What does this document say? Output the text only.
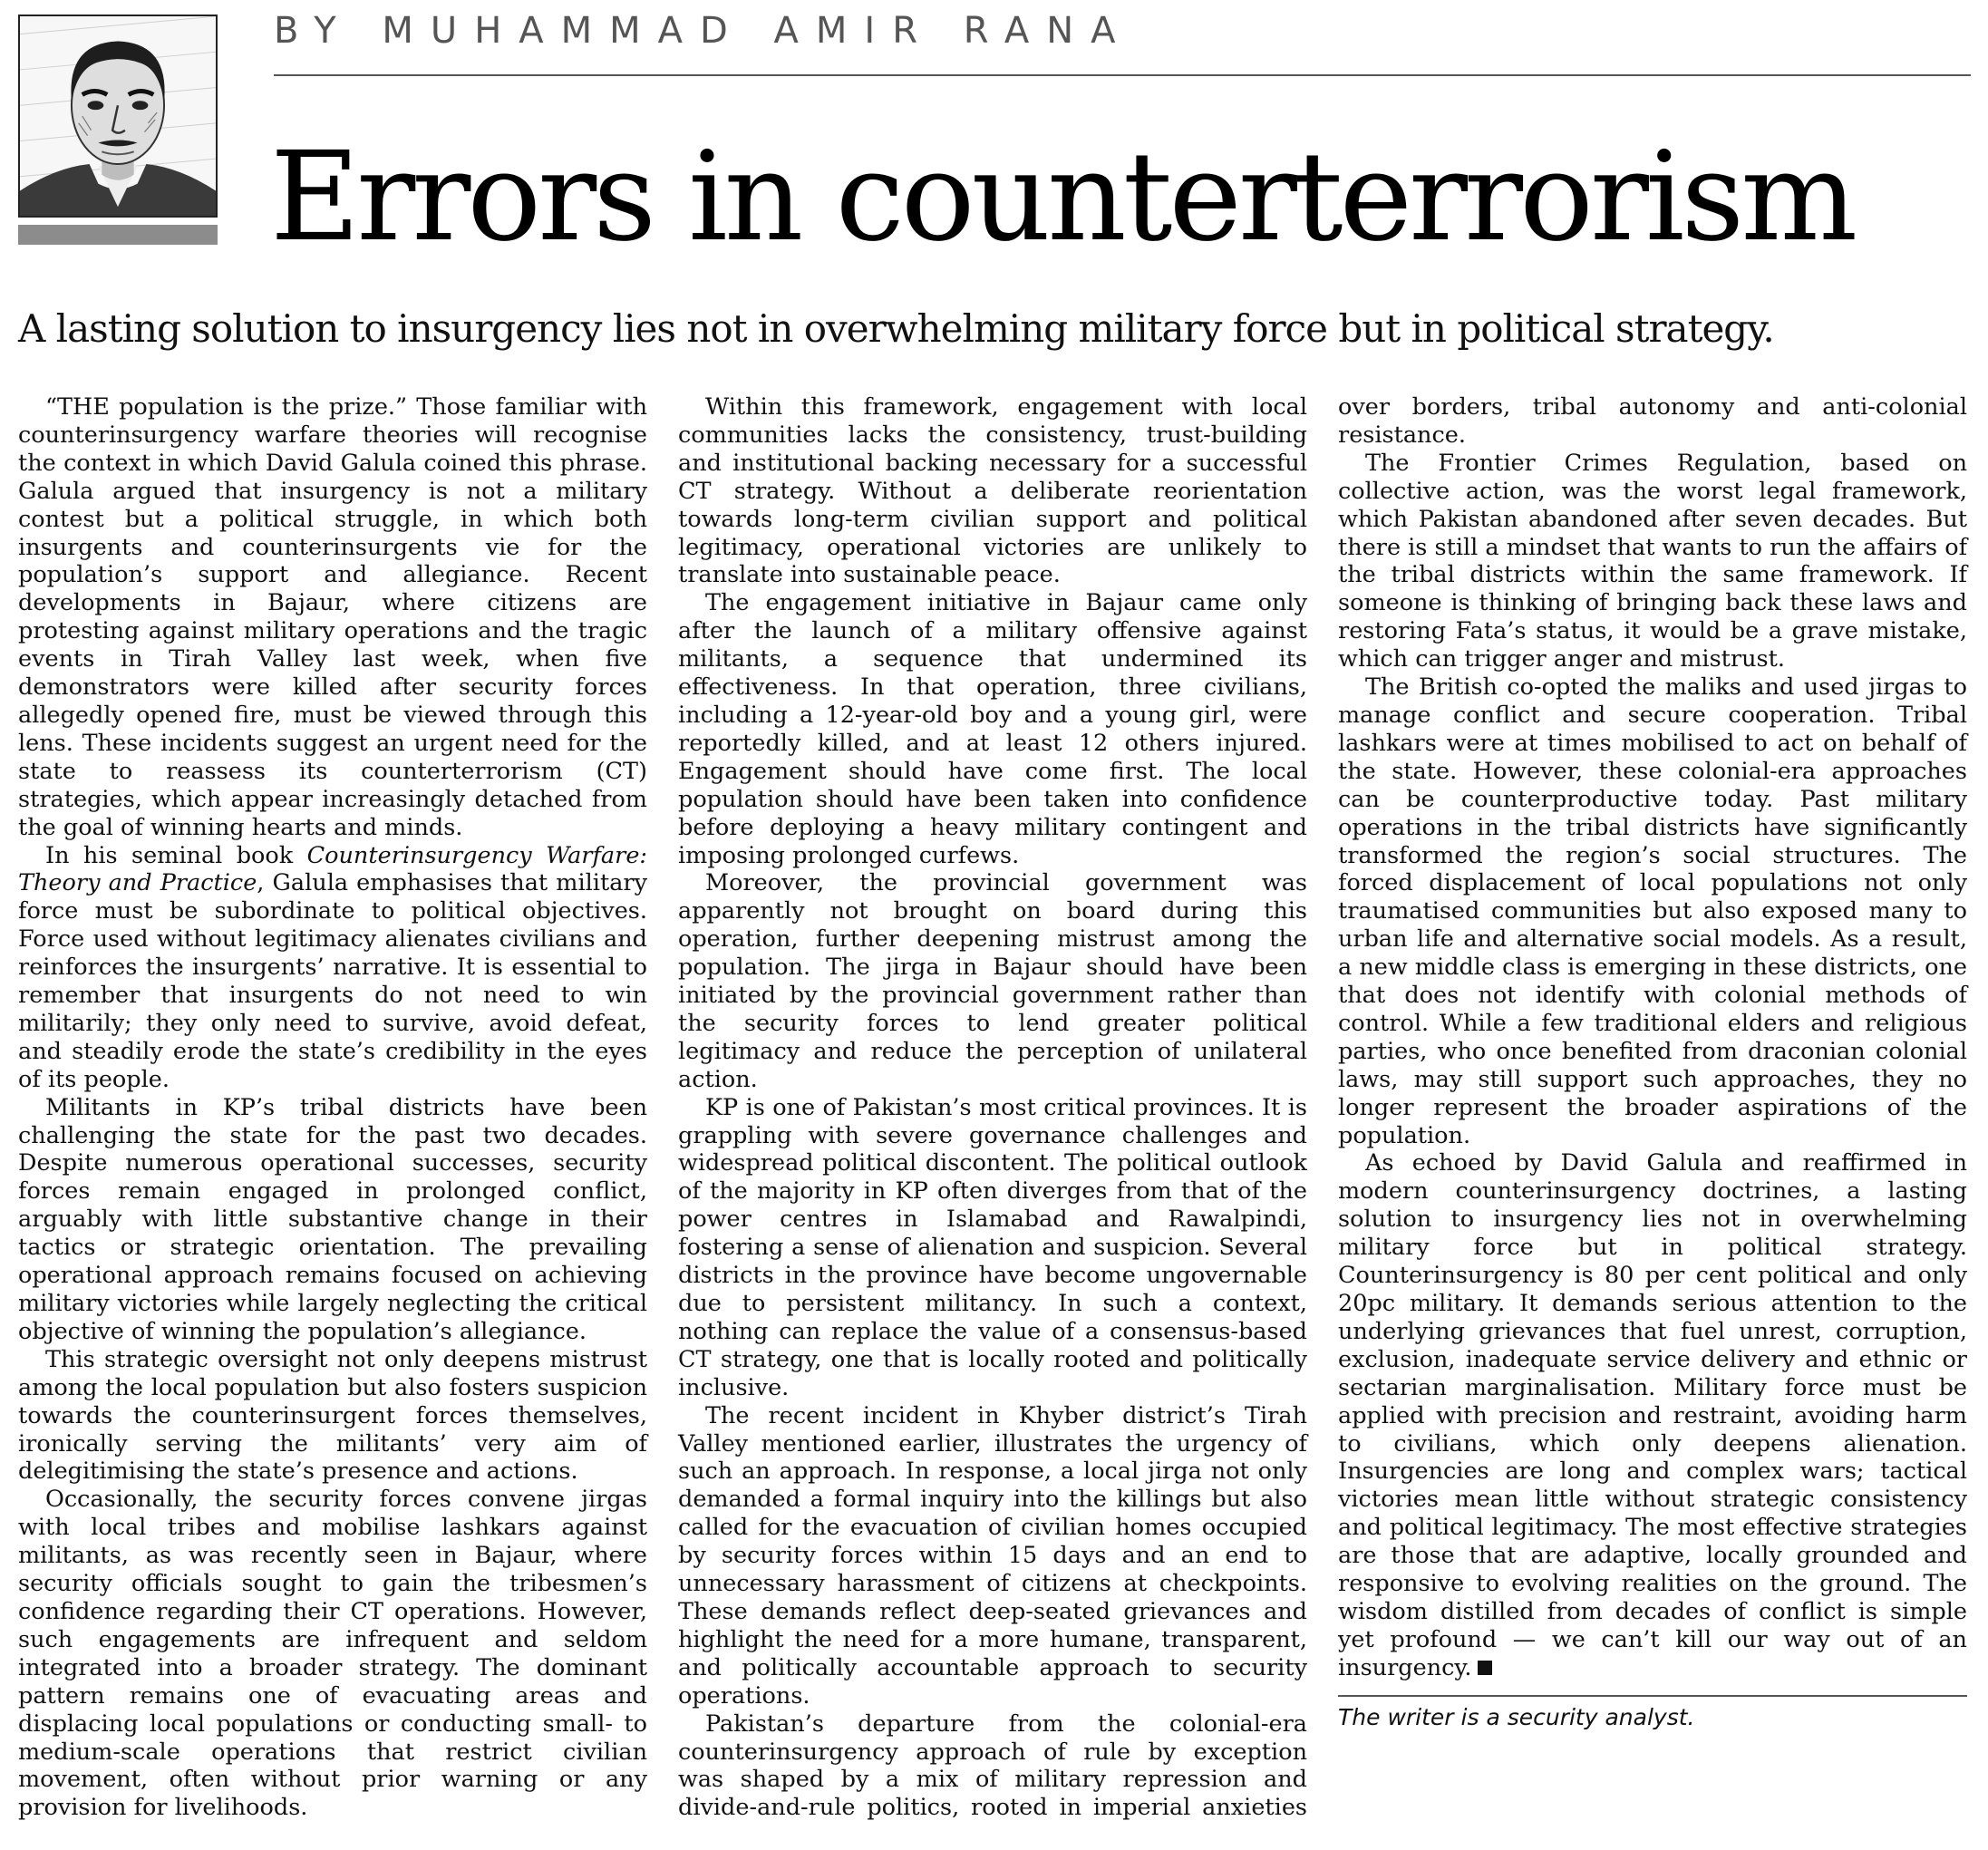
BY MUHAMMAD AMIR RANA
Errors in counterterrorism
A lasting solution to insurgency lies not in overwhelming military force but in political strategy.

“THE population is the prize.” Those familiar with counterinsurgency warfare theories will recognise the context in which David Galula coined this phrase. Galula argued that insurgency is not a military contest but a political struggle, in which both insurgents and counterinsurgents vie for the population’s support and allegiance. Recent developments in Bajaur, where citizens are protesting against military operations and the tragic events in Tirah Valley last week, when five demonstrators were killed after security forces allegedly opened fire, must be viewed through this lens. These incidents suggest an urgent need for the state to reassess its counterterrorism (CT) strategies, which appear increasingly detached from the goal of winning hearts and minds.

In his seminal book Counterinsurgency Warfare: Theory and Practice, Galula emphasises that military force must be subordinate to political objectives. Force used without legitimacy alienates civilians and reinforces the insurgents’ narrative. It is essential to remember that insurgents do not need to win militarily; they only need to survive, avoid defeat, and steadily erode the state’s credibility in the eyes of its people.

Militants in KP’s tribal districts have been challenging the state for the past two decades. Despite numerous operational successes, security forces remain engaged in prolonged conflict, arguably with little substantive change in their tactics or strategic orientation. The prevailing operational approach remains focused on achieving military victories while largely neglecting the critical objective of winning the population’s allegiance.

This strategic oversight not only deepens mistrust among the local population but also fosters suspicion towards the counterinsurgent forces themselves, ironically serving the militants’ very aim of delegitimising the state’s presence and actions.

Occasionally, the security forces convene jirgas with local tribes and mobilise lashkars against militants, as was recently seen in Bajaur, where security officials sought to gain the tribesmen’s confidence regarding their CT operations. However, such engagements are infrequent and seldom integrated into a broader strategy. The dominant pattern remains one of evacuating areas and displacing local populations or conducting small- to medium-scale operations that restrict civilian movement, often without prior warning or any provision for livelihoods.

Within this framework, engagement with local communities lacks the consistency, trust-building and institutional backing necessary for a successful CT strategy. Without a deliberate reorientation towards long-term civilian support and political legitimacy, operational victories are unlikely to translate into sustainable peace.

The engagement initiative in Bajaur came only after the launch of a military offensive against militants, a sequence that undermined its effectiveness. In that operation, three civilians, including a 12-year-old boy and a young girl, were reportedly killed, and at least 12 others injured. Engagement should have come first. The local population should have been taken into confidence before deploying a heavy military contingent and imposing prolonged curfews.

Moreover, the provincial government was apparently not brought on board during this operation, further deepening mistrust among the population. The jirga in Bajaur should have been initiated by the provincial government rather than the security forces to lend greater political legitimacy and reduce the perception of unilateral action.

KP is one of Pakistan’s most critical provinces. It is grappling with severe governance challenges and widespread political discontent. The political outlook of the majority in KP often diverges from that of the power centres in Islamabad and Rawalpindi, fostering a sense of alienation and suspicion. Several districts in the province have become ungovernable due to persistent militancy. In such a context, nothing can replace the value of a consensus-based CT strategy, one that is locally rooted and politically inclusive.

The recent incident in Khyber district’s Tirah Valley mentioned earlier, illustrates the urgency of such an approach. In response, a local jirga not only demanded a formal inquiry into the killings but also called for the evacuation of civilian homes occupied by security forces within 15 days and an end to unnecessary harassment of citizens at checkpoints. These demands reflect deep-seated grievances and highlight the need for a more humane, transparent, and politically accountable approach to security operations.

Pakistan’s departure from the colonial-era counterinsurgency approach of rule by exception was shaped by a mix of military repression and divide-and-rule politics, rooted in imperial anxieties over borders, tribal autonomy and anti-colonial resistance.

The Frontier Crimes Regulation, based on collective action, was the worst legal framework, which Pakistan abandoned after seven decades. But there is still a mindset that wants to run the affairs of the tribal districts within the same framework. If someone is thinking of bringing back these laws and restoring Fata’s status, it would be a grave mistake, which can trigger anger and mistrust.

The British co-opted the maliks and used jirgas to manage conflict and secure cooperation. Tribal lashkars were at times mobilised to act on behalf of the state. However, these colonial-era approaches can be counterproductive today. Past military operations in the tribal districts have significantly transformed the region’s social structures. The forced displacement of local populations not only traumatised communities but also exposed many to urban life and alternative social models. As a result, a new middle class is emerging in these districts, one that does not identify with colonial methods of control. While a few traditional elders and religious parties, who once benefited from draconian colonial laws, may still support such approaches, they no longer represent the broader aspirations of the population.

As echoed by David Galula and reaffirmed in modern counterinsurgency doctrines, a lasting solution to insurgency lies not in overwhelming military force but in political strategy. Counterinsurgency is 80 per cent political and only 20pc military. It demands serious attention to the underlying grievances that fuel unrest, corruption, exclusion, inadequate service delivery and ethnic or sectarian marginalisation. Military force must be applied with precision and restraint, avoiding harm to civilians, which only deepens alienation. Insurgencies are long and complex wars; tactical victories mean little without strategic consistency and political legitimacy. The most effective strategies are those that are adaptive, locally grounded and responsive to evolving realities on the ground. The wisdom distilled from decades of conflict is simple yet profound — we can’t kill our way out of an insurgency.

The writer is a security analyst.
